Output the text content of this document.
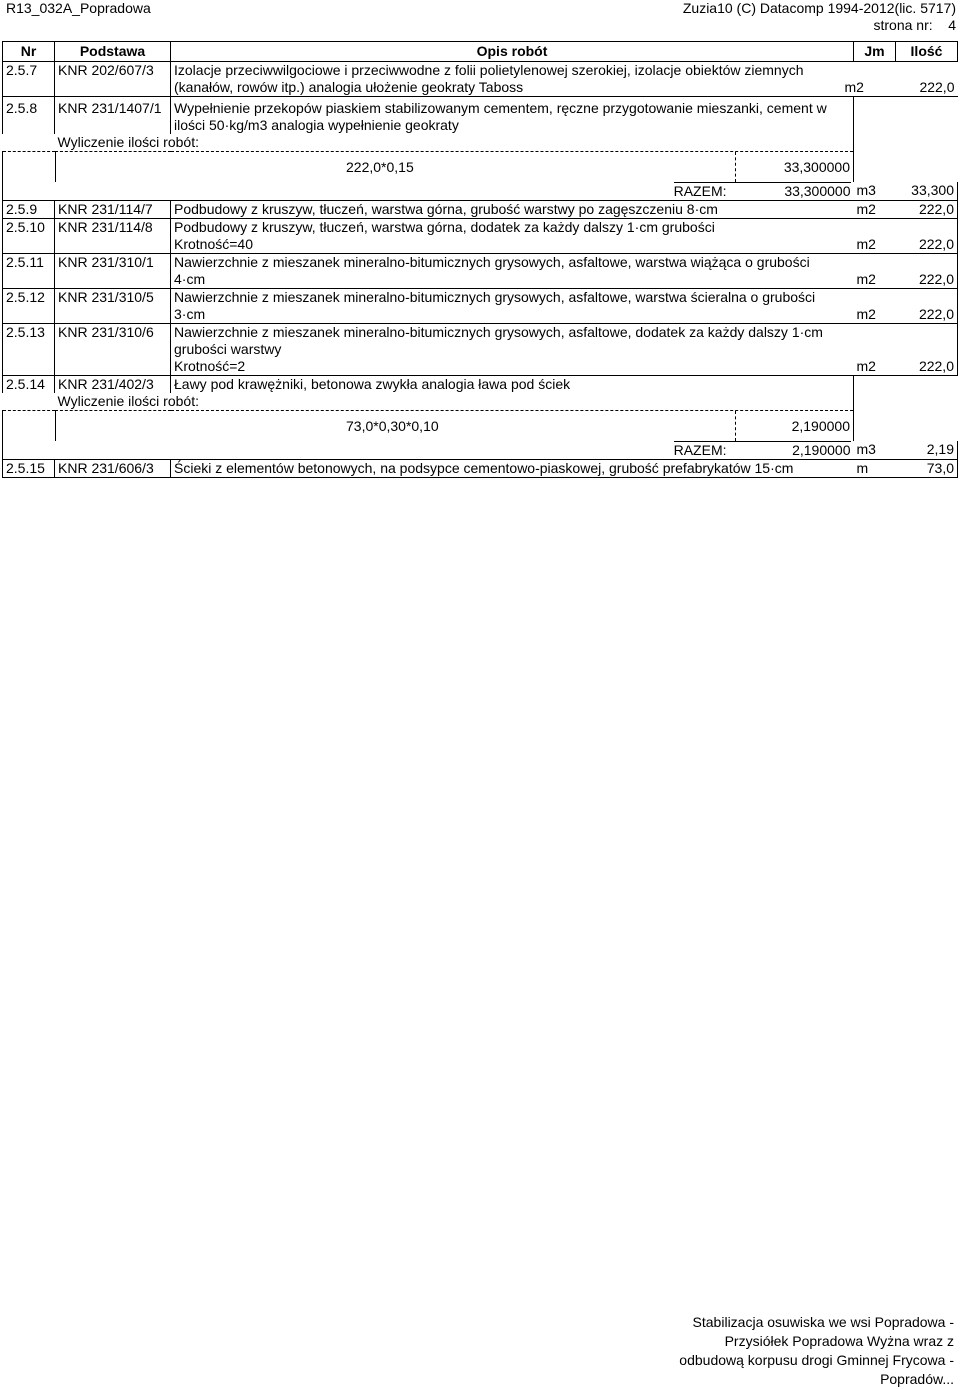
R13_032A_Popradowa	Zuzia10 (C) Datacomp 1994-2012(lic. 5717)
strona nr: 4
Nr	Podstawa	Opis robót	Jm	Ilość
2.5.7	KNR 202/607/3	Izolacje przeciwwilgociowe i przeciwwodne z folii polietylenowej szerokiej, izolacje obiektów ziemnych
(kanałów, rowów itp.) analogia ułożenie geokraty Taboss m2 222,0		

2.5.8	KNR 231/1407/1	Wypełnienie przekopów piaskiem stabilizowanym cementem, ręczne przygotowanie mieszanki, cement w
ilości 50·kg/m3 analogia wypełnienie geokraty		

Wyliczenie ilości robót:				

222,0*0,15 33,300000				

RAZEM: 33,300000			m3	33,300
2.5.9	KNR 231/114/7	Podbudowy z kruszyw, tłuczeń, warstwa górna, grubość warstwy po zagęszczeniu 8·cm	m2	222,0
2.5.10	KNR 231/114/8	Podbudowy z kruszyw, tłuczeń, warstwa górna, dodatek za każdy dalszy 1·cm grubości
Krotność=40	m2	222,0
2.5.11	KNR 231/310/1	Nawierzchnie z mieszanek mineralno-bitumicznych grysowych, asfaltowe, warstwa wiążąca o grubości
4·cm	m2	222,0
2.5.12	KNR 231/310/5	Nawierzchnie z mieszanek mineralno-bitumicznych grysowych, asfaltowe, warstwa ścieralna o grubości
3·cm	m2	222,0
2.5.13	KNR 231/310/6	Nawierzchnie z mieszanek mineralno-bitumicznych grysowych, asfaltowe, dodatek za każdy dalszy 1·cm
grubości warstwy
Krotność=2	m2	222,0
2.5.14	KNR 231/402/3	Ławy pod krawężniki, betonowa zwykła analogia ława pod ściek		
Wyliczenie ilości robót:				

73,0*0,30*0,10 2,190000				

RAZEM: 2,190000			m3	2,19
2.5.15	KNR 231/606/3	Ścieki z elementów betonowych, na podsypce cementowo-piaskowej, grubość prefabrykatów 15·cm	m	73,0
Stabilizacja osuwiska we wsi Popradowa -
Przysiółek Popradowa Wyżna wraz z
odbudową korpusu drogi Gminnej Frycowa -
Popradów...
